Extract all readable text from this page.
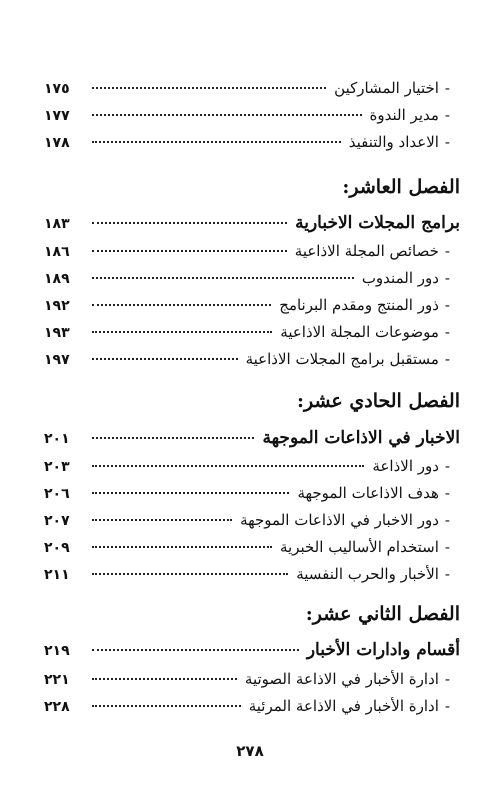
-اختيار المشاركين
١٧٥
-مدير الندوة
١٧٧
-الاعداد والتنفيذ
١٧٨
الفصل العاشر:
برامج المجلات الاخبارية
١٨٣
-خصائص المجلة الاذاعية
١٨٦
-دور المندوب
١٨٩
-ذور المنتج ومقدم البرنامج
١٩٢
-موضوعات المجلة الاذاعية
١٩٣
-مستقبل برامج المجلات الاذاعية
١٩٧
الفصل الحادي عشر:
الاخبار في الاذاعات الموجهة
٢٠١
-دور الاذاعة
٢٠٣
-هدف الاذاعات الموجهة
٢٠٦
-دور الاخبار في الاذاعات الموجهة
٢٠٧
-استخدام الأساليب الخبرية
٢٠٩
-الأخبار والحرب النفسية
٢١١
الفصل الثاني عشر:
أقسام وادارات الأخبار
٢١٩
-ادارة الأخبار في الاذاعة الصوتية
٢٢١
-ادارة الأخبار في الاذاعة المرئية
٢٢٨
٢٧٨
